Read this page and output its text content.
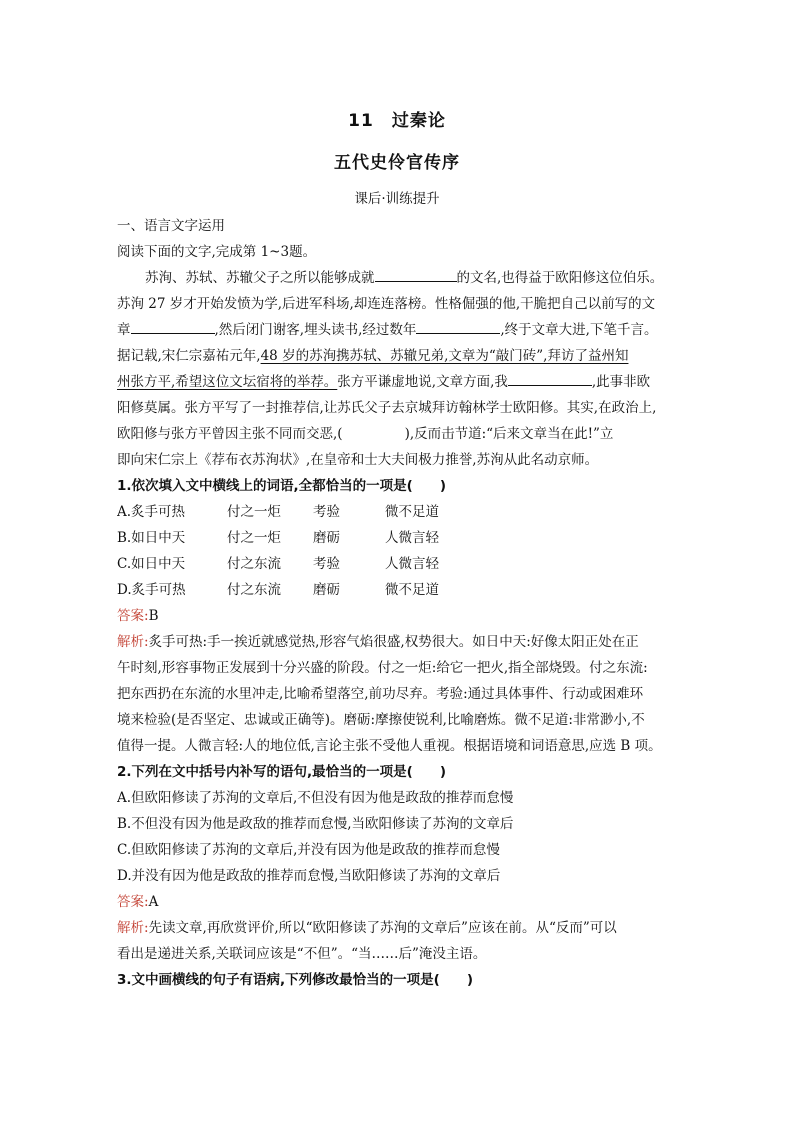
11　过秦论
五代史伶官传序
课后·训练提升
一、语言文字运用
阅读下面的文字,完成第 1~3题。
苏洵、苏轼、苏辙父子之所以能够成就	的文名,也得益于欧阳修这位伯乐。
苏洵 27 岁才开始发愤为学,后进军科场,却连连落榜。性格倔强的他,干脆把自己以前写的文
章	,然后闭门谢客,埋头读书,经过数年	,终于文章大进,下笔千言。
据记载,宋仁宗嘉祐元年,48 岁的苏洵携苏轼、苏辙兄弟,文章为“敲门砖”,拜访了益州知
州张方平,希望这位文坛宿将的举荐。张方平谦虚地说,文章方面,我	,此事非欧
阳修莫属。张方平写了一封推荐信,让苏氏父子去京城拜访翰林学士欧阳修。其实,在政治上,
欧阳修与张方平曾因主张不同而交恶,(	),反而击节道:“后来文章当在此!”立
即向宋仁宗上《荐布衣苏洵状》,在皇帝和士大夫间极力推誉,苏洵从此名动京师。
1.依次填入文中横线上的词语,全都恰当的一项是(　　)
A.炙手可热	付之一炬	考验	微不足道
B.如日中天	付之一炬	磨砺	人微言轻
C.如日中天	付之东流	考验	人微言轻
D.炙手可热	付之东流	磨砺	微不足道
答案:B
解析:炙手可热:手一挨近就感觉热,形容气焰很盛,权势很大。如日中天:好像太阳正处在正
午时刻,形容事物正发展到十分兴盛的阶段。付之一炬:给它一把火,指全部烧毁。付之东流:
把东西扔在东流的水里冲走,比喻希望落空,前功尽弃。考验:通过具体事件、行动或困难环
境来检验(是否坚定、忠诚或正确等)。磨砺:摩擦使锐利,比喻磨炼。微不足道:非常渺小,不
值得一提。人微言轻:人的地位低,言论主张不受他人重视。根据语境和词语意思,应选 B 项。
2.下列在文中括号内补写的语句,最恰当的一项是(　　)
A.但欧阳修读了苏洵的文章后,不但没有因为他是政敌的推荐而怠慢
B.不但没有因为他是政敌的推荐而怠慢,当欧阳修读了苏洵的文章后
C.但欧阳修读了苏洵的文章后,并没有因为他是政敌的推荐而怠慢
D.并没有因为他是政敌的推荐而怠慢,当欧阳修读了苏洵的文章后
答案:A
解析:先读文章,再欣赏评价,所以“欧阳修读了苏洵的文章后”应该在前。从“反而”可以
看出是递进关系,关联词应该是“不但”。“当……后”淹没主语。
3.文中画横线的句子有语病,下列修改最恰当的一项是(　　)
